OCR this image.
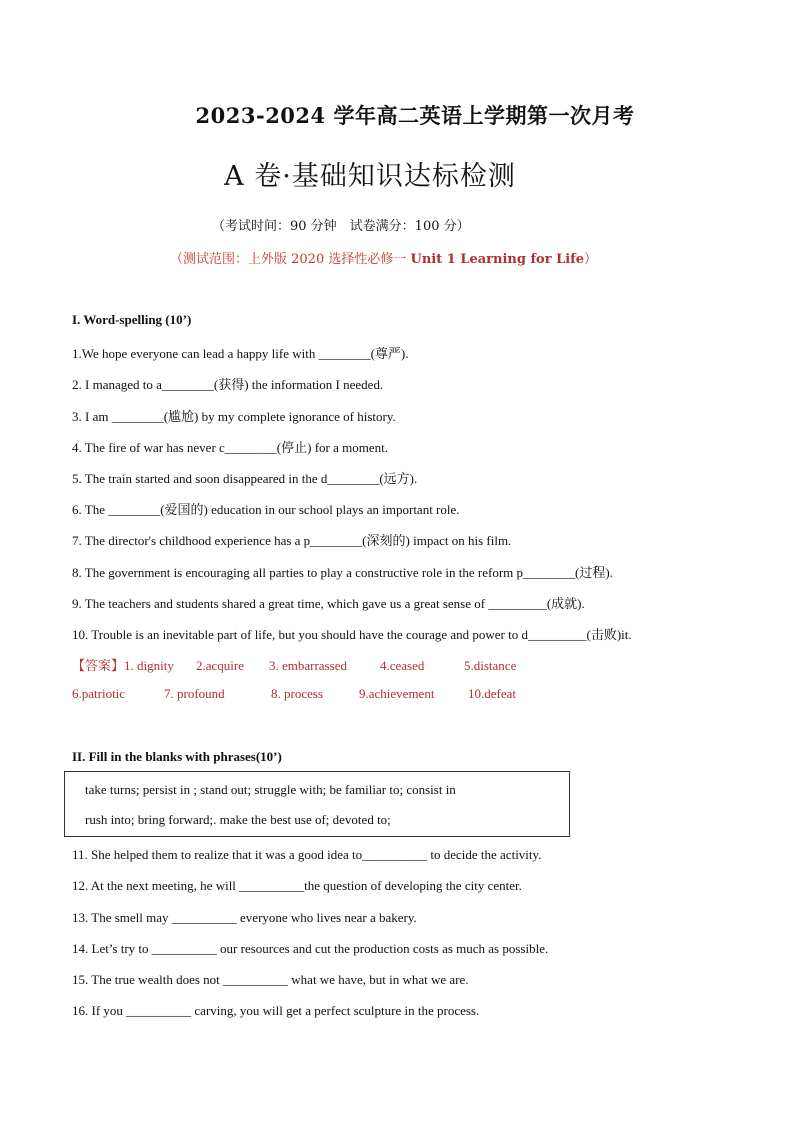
2023-2024 学年高二英语上学期第一次月考
A 卷·基础知识达标检测
（考试时间：90 分钟　试卷满分：100 分）
（测试范围：上外版 2020 选择性必修一 Unit 1 Learning for Life）
I. Word-spelling (10’)
1.We hope everyone can lead a happy life with ________(尊严).
2. I managed to a________(获得) the information I needed.
3. I am ________(尴尬) by my complete ignorance of history.
4. The fire of war has never c________(停止) for a moment.
5. The train started and soon disappeared in the d________(远方).
6. The ________(爱国的) education in our school plays an important role.
7. The director's childhood experience has a p________(深刻的) impact on his film.
8. The government is encouraging all parties to play a constructive role in the reform p________(过程).
9. The teachers and students shared a great time, which gave us a great sense of _________(成就).
10. Trouble is an inevitable part of life, but you should have the courage and power to d_________(击败)it.
【答案】1. dignity 2.acquire 3. embarrassed	4.ceased	5.distance
6.patriotic	7. profound	8. process	9.achievement	10.defeat
II. Fill in the blanks with phrases(10’)
take turns; persist in ; stand out; struggle with; be familiar to; consist in
rush into; bring forward;. make the best use of; devoted to;
11. She helped them to realize that it was a good idea to__________ to decide the activity.
12. At the next meeting, he will __________the question of developing the city center.
13. The smell may __________ everyone who lives near a bakery.
14. Let’s try to __________ our resources and cut the production costs as much as possible.
15. The true wealth does not __________ what we have, but in what we are.
16. If you __________ carving, you will get a perfect sculpture in the process.
